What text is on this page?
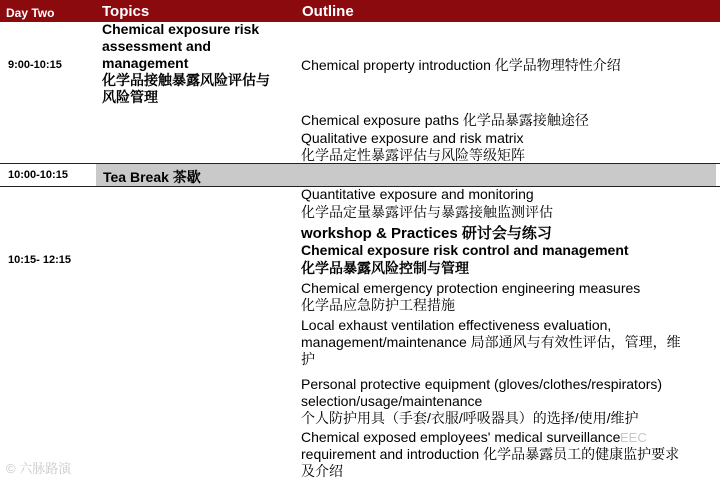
Day Two	Topics	Outline
9:00-10:15
10:00-10:15
10:15- 12:15
Chemical exposure risk
assessment and
management
化学品接触暴露风险评估与
风险管理
Chemical property introduction 化学品物理特性介绍
Chemical exposure paths 化学品暴露接触途径
Qualitative exposure and risk matrix
化学品定性暴露评估与风险等级矩阵
Tea Break 茶歇
Quantitative exposure and monitoring
化学品定量暴露评估与暴露接触监测评估
workshop & Practices 研讨会与练习
Chemical exposure risk control and management
化学品暴露风险控制与管理
Chemical emergency protection engineering measures
化学品应急防护工程措施
Local exhaust ventilation effectiveness evaluation,
management/maintenance 局部通风与有效性评估，管理，维
护
Personal protective equipment (gloves/clothes/respirators)
selection/usage/maintenance
个人防护用具（手套/衣服/呼吸器具）的选择/使用/维护
Chemical exposed employees' medical surveillance
requirement and introduction 化学品暴露员工的健康监护要求
及介绍
© 六脉路演
EEC
